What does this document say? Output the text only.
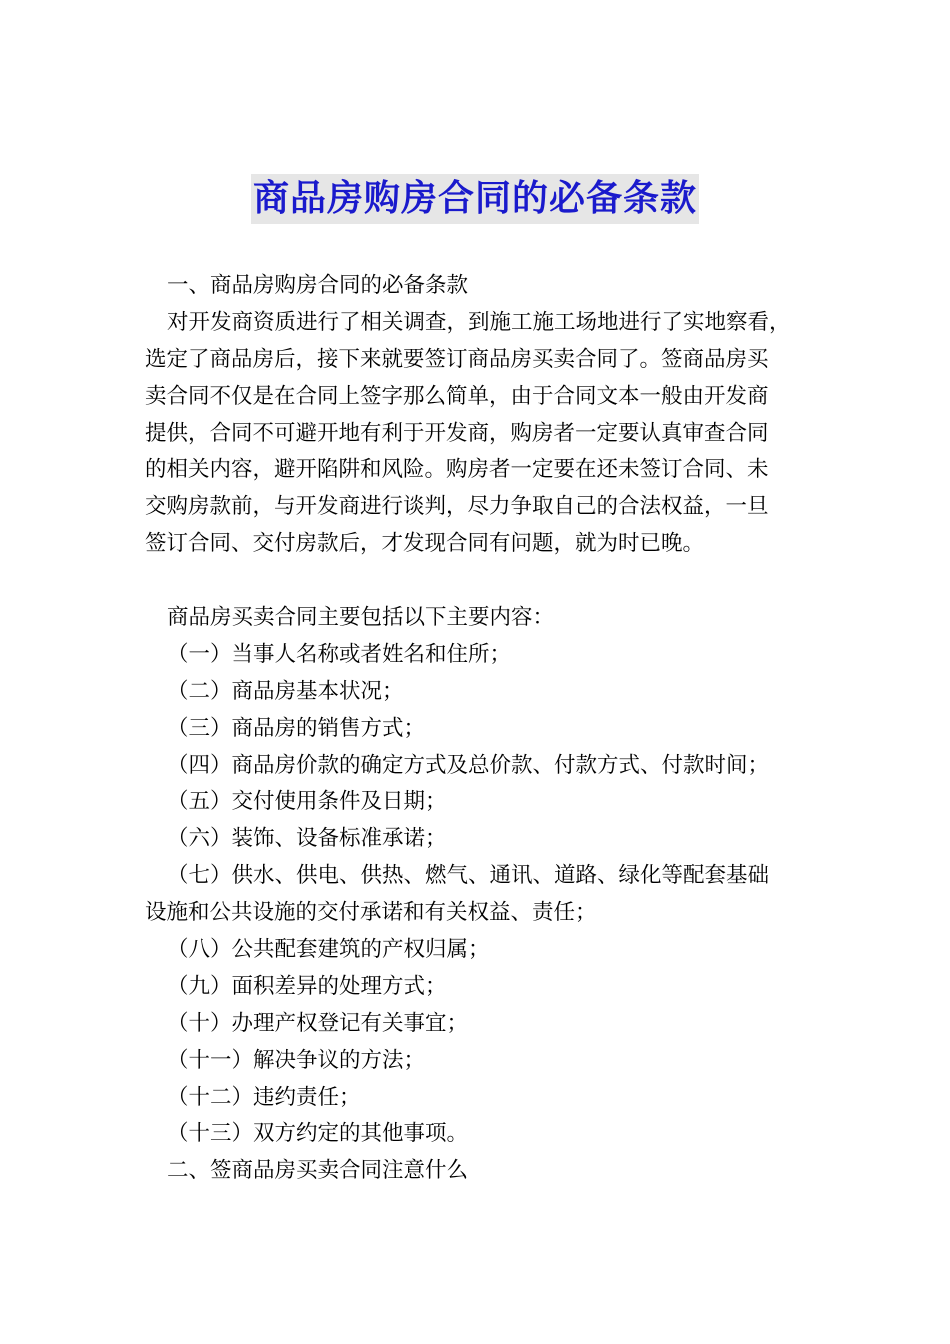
商品房购房合同的必备条款
一、商品房购房合同的必备条款
对开发商资质进行了相关调查，到施工施工场地进行了实地察看，
选定了商品房后，接下来就要签订商品房买卖合同了。签商品房买
卖合同不仅是在合同上签字那么简单，由于合同文本一般由开发商
提供，合同不可避开地有利于开发商，购房者一定要认真审查合同
的相关内容，避开陷阱和风险。购房者一定要在还未签订合同、未
交购房款前，与开发商进行谈判，尽力争取自己的合法权益，一旦
签订合同、交付房款后，才发现合同有问题，就为时已晚。
商品房买卖合同主要包括以下主要内容：
（一）当事人名称或者姓名和住所；
（二）商品房基本状况；
（三）商品房的销售方式；
（四）商品房价款的确定方式及总价款、付款方式、付款时间；
（五）交付使用条件及日期；
（六）装饰、设备标准承诺；
（七）供水、供电、供热、燃气、通讯、道路、绿化等配套基础
设施和公共设施的交付承诺和有关权益、责任；
（八）公共配套建筑的产权归属；
（九）面积差异的处理方式；
（十）办理产权登记有关事宜；
（十一）解决争议的方法；
（十二）违约责任；
（十三）双方约定的其他事项。
二、签商品房买卖合同注意什么
